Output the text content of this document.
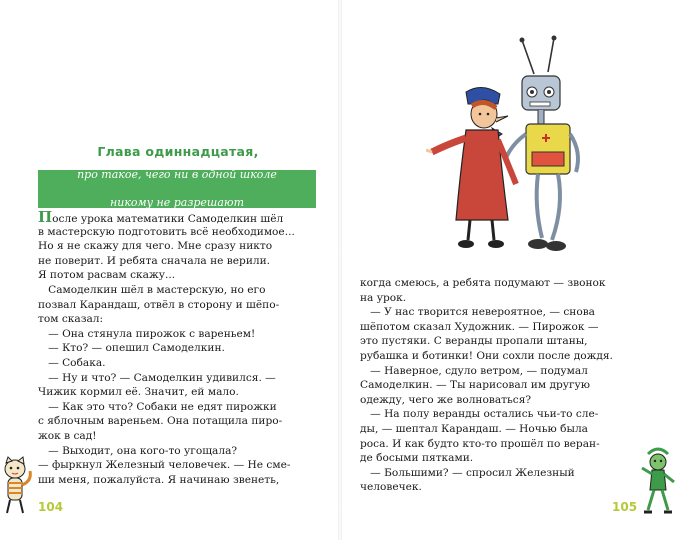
Глава одиннадцатая,

про такое, чего ни в одной школе

никому не разрешают

После урока математики Самоделкин шёл
в мастерскую подготовить всё необходимое...
Но я не скажу для чего. Мне сразу никто
не поверит. И ребята сначала не верили.
Я потом расвам скажу...
Самоделкин шёл в мастерскую, но его
позвал Карандаш, отвёл в сторону и шёпо-
том сказал:
— Она стянула пирожок с вареньем!
— Кто? — опешил Самоделкин.
— Собака.
— Ну и что? — Самоделкин удивился. —
Чижик кормил её. Значит, ей мало.
— Как это что? Собаки не едят пирожки
с яблочным вареньем. Она потащила пиро-
жок в сад!
— Выходит, она кого-то угощала?
— фыркнул Железный человечек. — Не сме-
ши меня, пожалуйста. Я начинаю звенеть,
104
когда смеюсь, а ребята подумают — звонок
на урок.
— У нас творится невероятное, — снова
шёпотом сказал Художник. — Пирожок —
это пустяки. С веранды пропали штаны,
рубашка и ботинки! Они сохли после дождя.
— Наверное, сдуло ветром, — подумал
Самоделкин. — Ты нарисовал им другую
одежду, чего же волноваться?
— На полу веранды остались чьи-то сле-
ды, — шептал Карандаш. — Ночью была
роса. И как будто кто-то прошёл по веран-
де босыми пятками.
— Большими? — спросил Железный
человечек.
105
